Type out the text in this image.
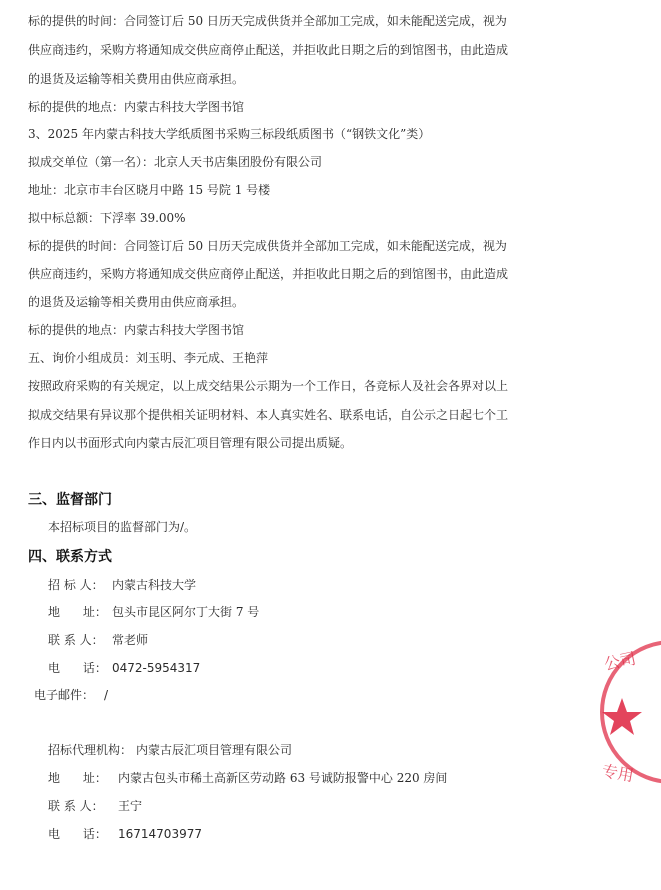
标的提供的时间：合同签订后 50 日历天完成供货并全部加工完成，如未能配送完成，视为
供应商违约，采购方将通知成交供应商停止配送，并拒收此日期之后的到馆图书，由此造成
的退货及运输等相关费用由供应商承担。
标的提供的地点：内蒙古科技大学图书馆
3、2025 年内蒙古科技大学纸质图书采购三标段纸质图书（“钢铁文化”类）
拟成交单位（第一名）：北京人天书店集团股份有限公司
地址：北京市丰台区晓月中路 15 号院 1 号楼
拟中标总额：下浮率 39.00%
标的提供的时间：合同签订后 50 日历天完成供货并全部加工完成，如未能配送完成，视为
供应商违约，采购方将通知成交供应商停止配送，并拒收此日期之后的到馆图书，由此造成
的退货及运输等相关费用由供应商承担。
标的提供的地点：内蒙古科技大学图书馆
五、询价小组成员：刘玉明、李元成、王艳萍
按照政府采购的有关规定，以上成交结果公示期为一个工作日，各竞标人及社会各界对以上
拟成交结果有异议那个提供相关证明材料、本人真实姓名、联系电话，自公示之日起七个工
作日内以书面形式向内蒙古辰汇项目管理有限公司提出质疑。
三、监督部门
本招标项目的监督部门为/。
四、联系方式
招 标 人： 内蒙古科技大学
地      址： 包头市昆区阿尔丁大街 7 号
联 系 人： 常老师
电      话： 0472-5954317
电子邮件： /
招标代理机构： 内蒙古辰汇项目管理有限公司
地      址： 内蒙古包头市稀土高新区劳动路 63 号诚防报警中心 220 房间
联 系 人： 王宁
电      话： 16714703977
公司
专用
